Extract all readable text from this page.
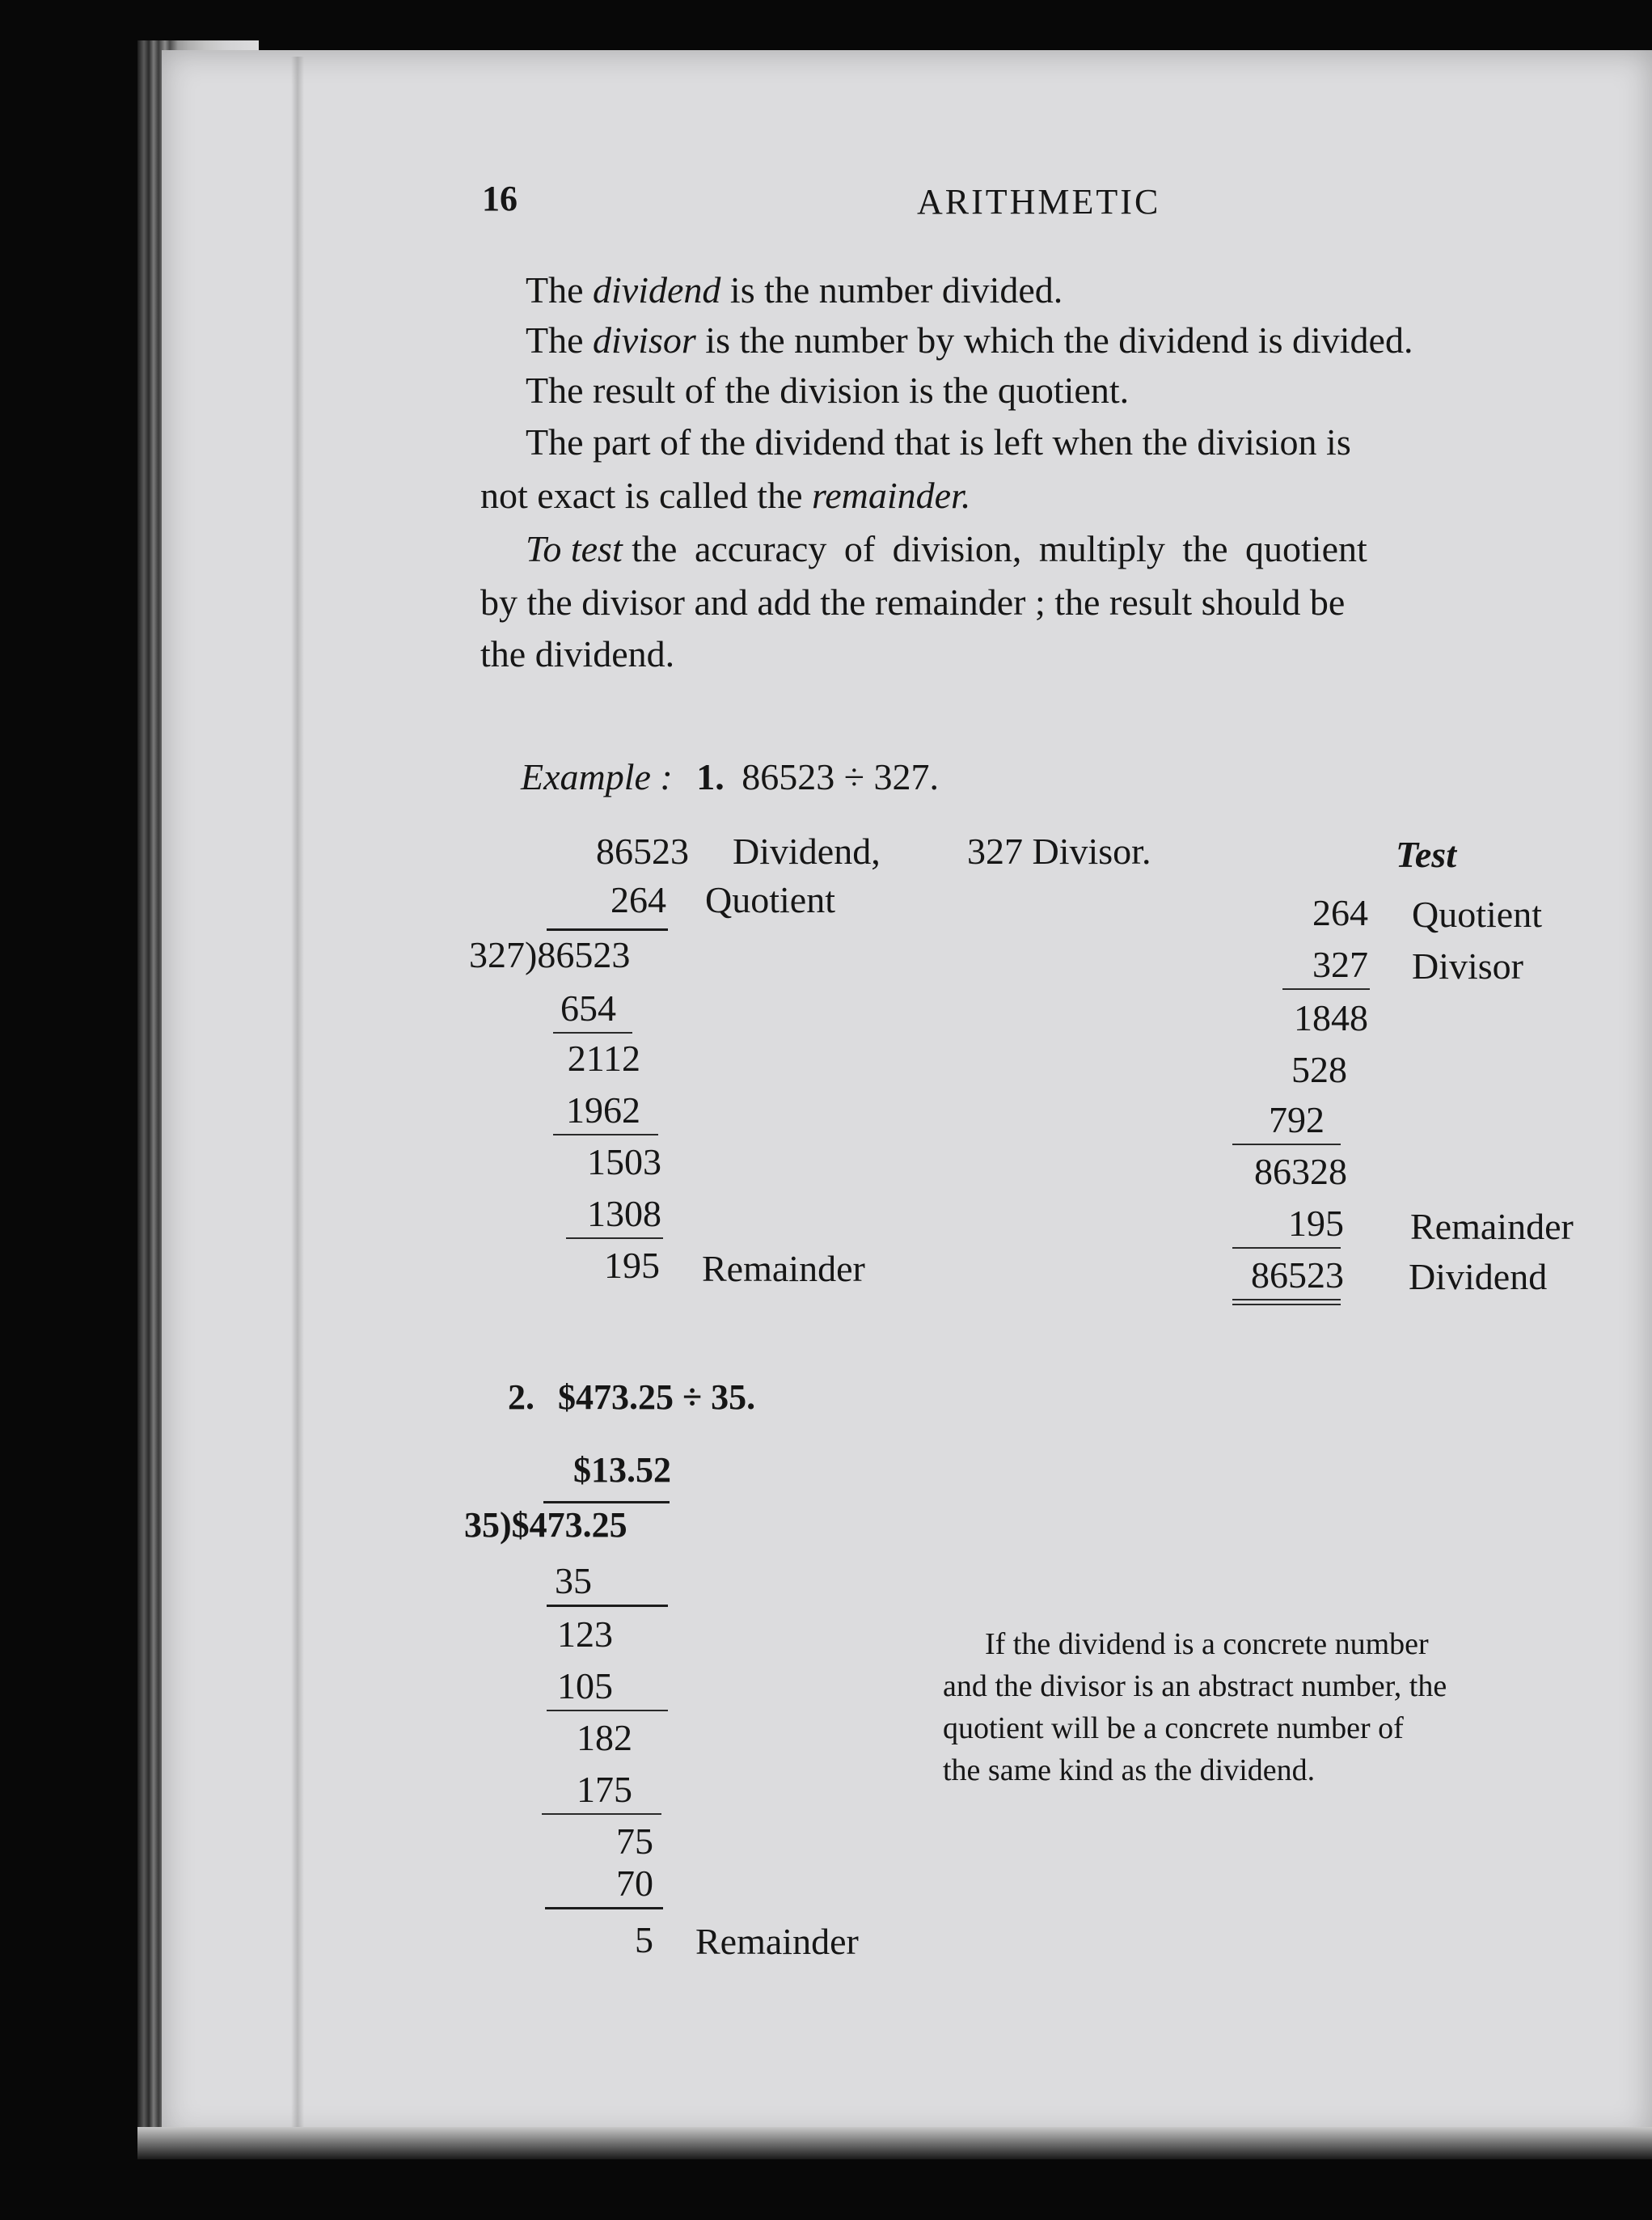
16	ARITHMETIC
The dividend is the number divided.
The divisor is the number by which the dividend is divided.
The result of the division is the quotient.
The part of the dividend that is left when the division is
not exact is called the remainder.
To test the accuracy of division, multiply the quotient
by the divisor and add the remainder ; the result should be
the dividend.
Example : 1. 86523 ÷ 327.
86523 Dividend, 327 Divisor.
264 Quotient
327)86523
654
2112
1962
1503
1308
195 Remainder
Test
264 Quotient
327 Divisor
1848
528
792
86328
195 Remainder
86523 Dividend
2. $473.25 ÷ 35.
$13.52
35)$473.25
35
123
105
182
175
75
70
5 Remainder
If the dividend is a concrete number
and the divisor is an abstract number, the
quotient will be a concrete number of
the same kind as the dividend.
